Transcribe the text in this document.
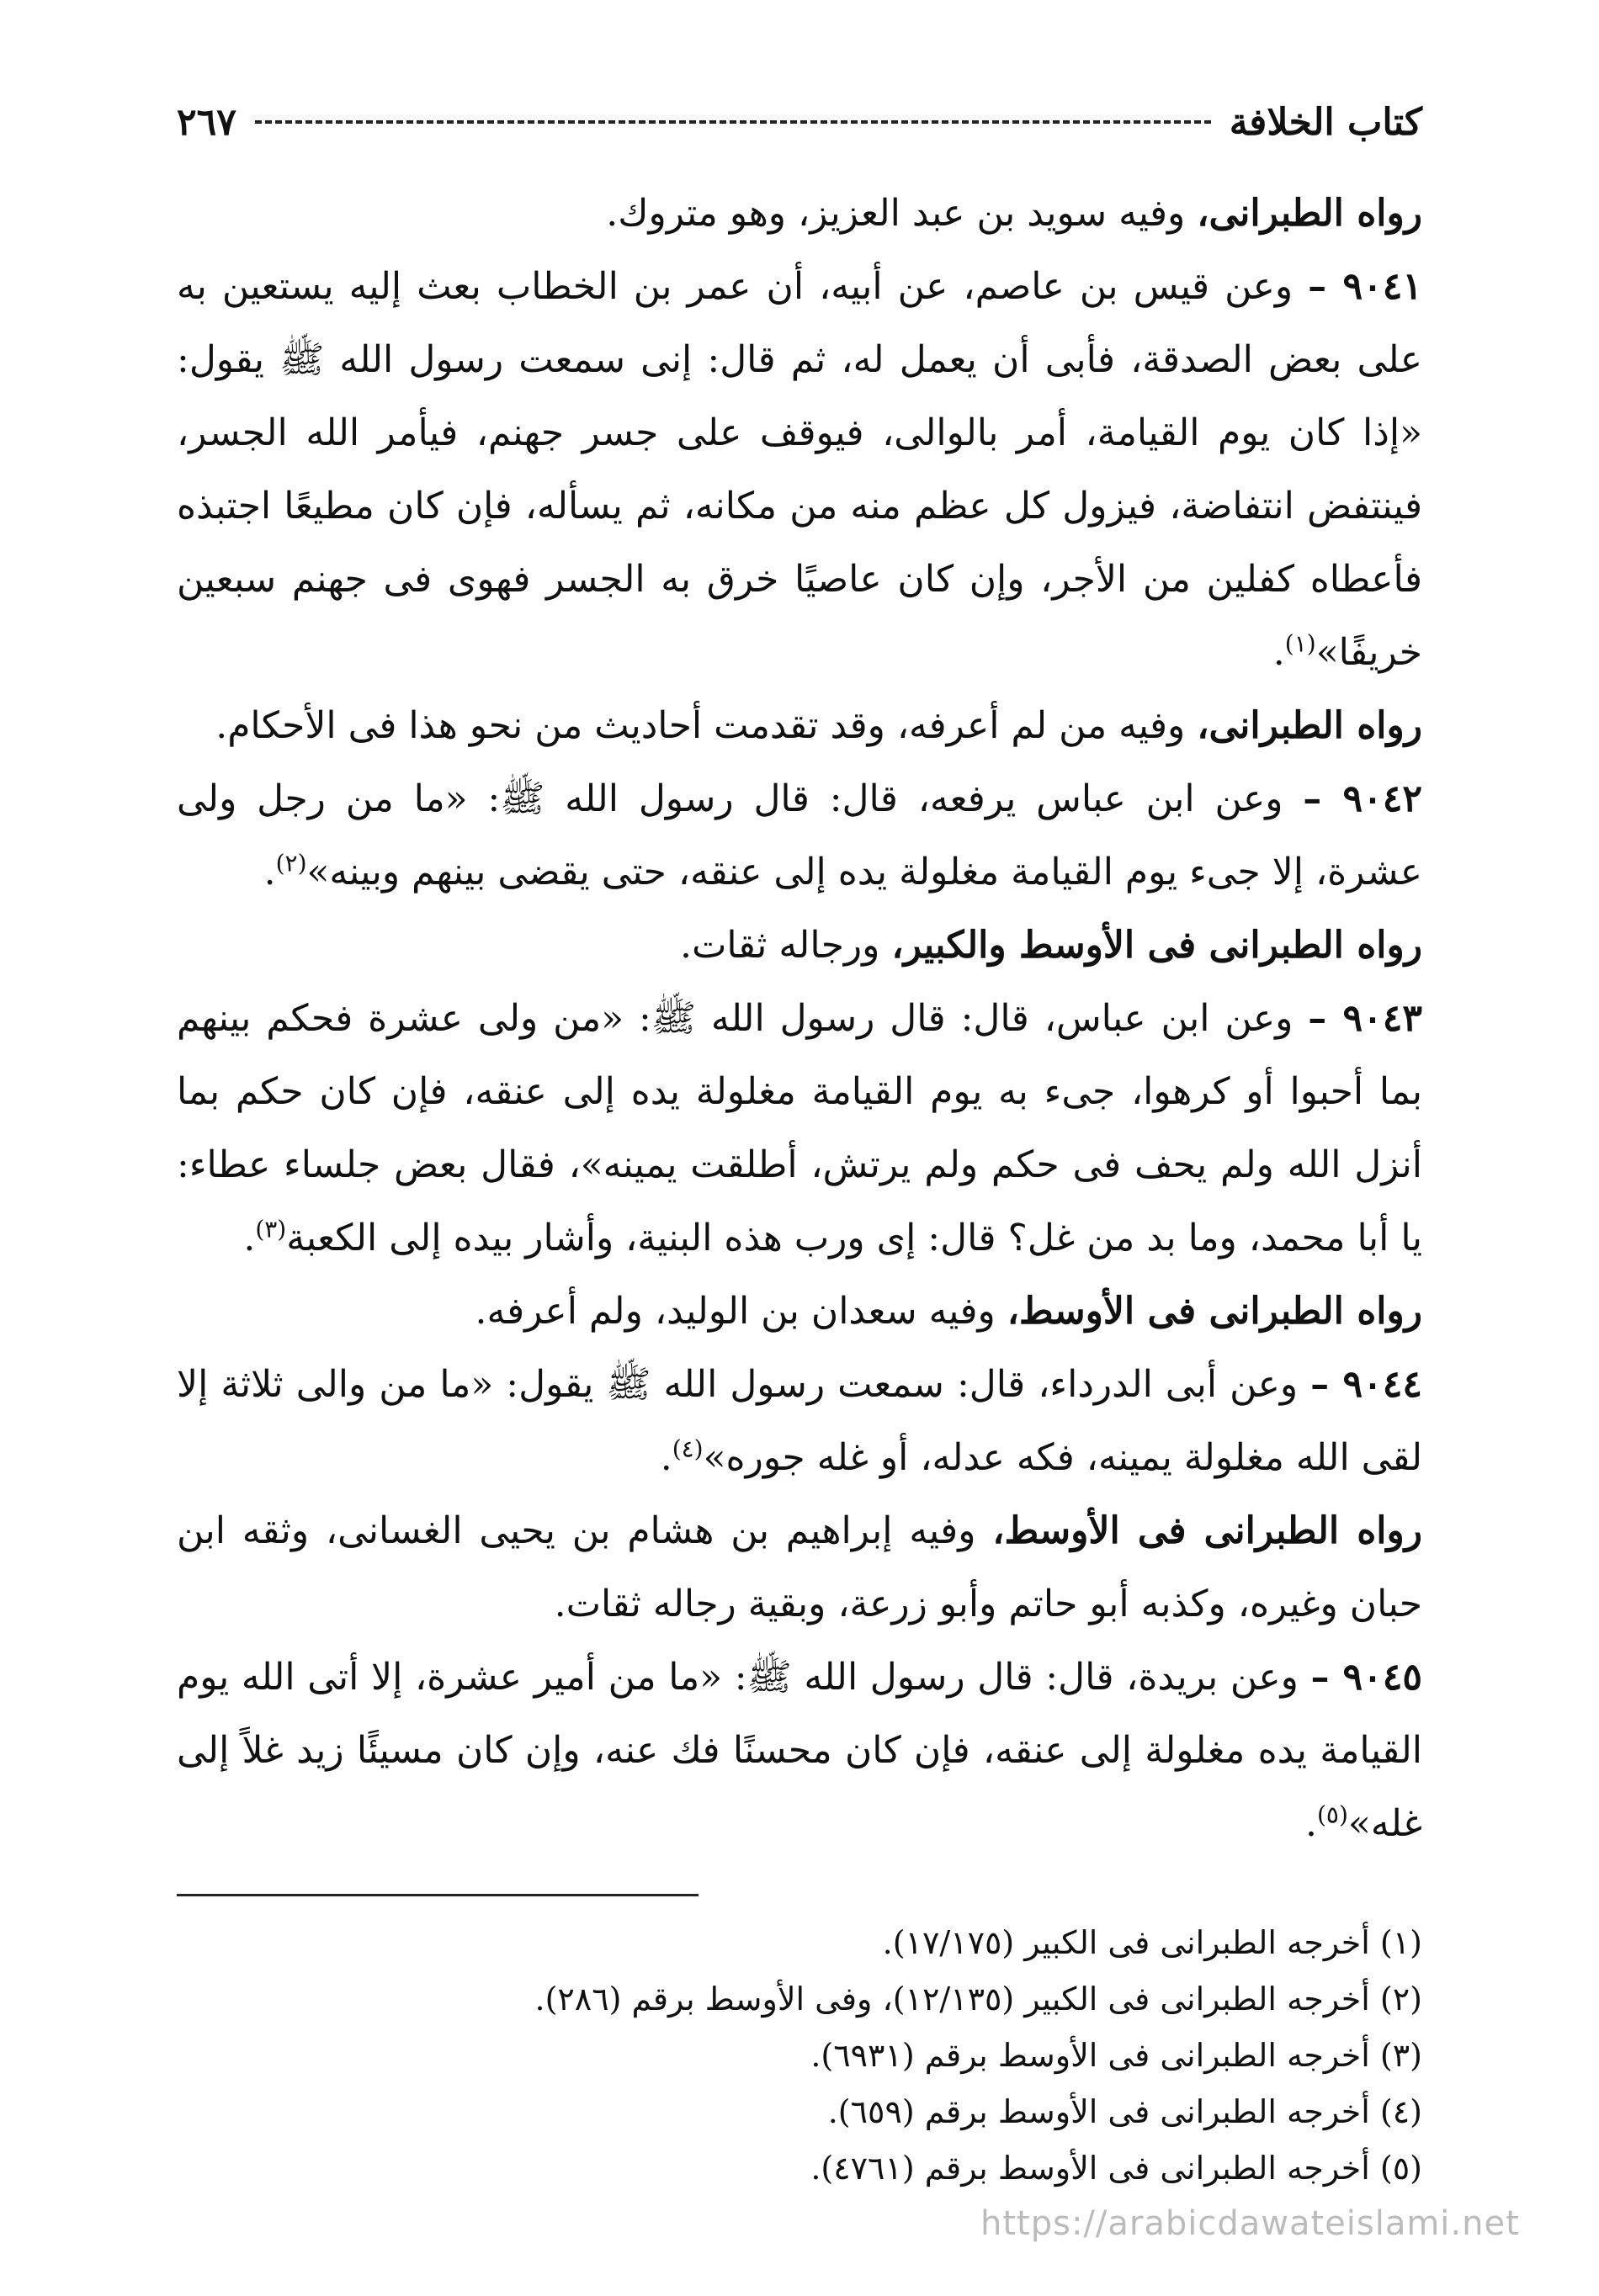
كتاب الخلافة
٢٦٧

رواه الطبرانى، وفيه سويد بن عبد العزيز، وهو متروك.

٩٠٤١ – وعن قيس بن عاصم، عن أبيه، أن عمر بن الخطاب بعث إليه يستعين به على بعض الصدقة، فأبى أن يعمل له، ثم قال: إنى سمعت رسول الله ﷺ يقول: «إذا كان يوم القيامة، أمر بالوالى، فيوقف على جسر جهنم، فيأمر الله الجسر، فينتفض انتفاضة، فيزول كل عظم منه من مكانه، ثم يسأله، فإن كان مطيعًا اجتبذه فأعطاه كفلين من الأجر، وإن كان عاصيًا خرق به الجسر فهوى فى جهنم سبعين خريفًا»$^{(١)}$.

رواه الطبرانى، وفيه من لم أعرفه، وقد تقدمت أحاديث من نحو هذا فى الأحكام.

٩٠٤٢ – وعن ابن عباس يرفعه، قال: قال رسول الله ﷺ: «ما من رجل ولى عشرة، إلا جىء يوم القيامة مغلولة يده إلى عنقه، حتى يقضى بينهم وبينه»$^{(٢)}$.

رواه الطبرانى فى الأوسط والكبير، ورجاله ثقات.

٩٠٤٣ – وعن ابن عباس، قال: قال رسول الله ﷺ: «من ولى عشرة فحكم بينهم بما أحبوا أو كرهوا، جىء به يوم القيامة مغلولة يده إلى عنقه، فإن كان حكم بما أنزل الله ولم يحف فى حكم ولم يرتش، أطلقت يمينه»، فقال بعض جلساء عطاء: يا أبا محمد، وما بد من غل؟ قال: إى ورب هذه البنية، وأشار بيده إلى الكعبة$^{(٣)}$.

رواه الطبرانى فى الأوسط، وفيه سعدان بن الوليد، ولم أعرفه.

٩٠٤٤ – وعن أبى الدرداء، قال: سمعت رسول الله ﷺ يقول: «ما من والى ثلاثة إلا لقى الله مغلولة يمينه، فكه عدله، أو غله جوره»$^{(٤)}$.

رواه الطبرانى فى الأوسط، وفيه إبراهيم بن هشام بن يحيى الغسانى، وثقه ابن حبان وغيره، وكذبه أبو حاتم وأبو زرعة، وبقية رجاله ثقات.

٩٠٤٥ – وعن بريدة، قال: قال رسول الله ﷺ: «ما من أمير عشرة، إلا أتى الله يوم القيامة يده مغلولة إلى عنقه، فإن كان محسنًا فك عنه، وإن كان مسيئًا زيد غلاً إلى غله»$^{(٥)}$.

(١) أخرجه الطبرانى فى الكبير (١٧/١٧٥).

(٢) أخرجه الطبرانى فى الكبير (١٢/١٣٥)، وفى الأوسط برقم (٢٨٦).

(٣) أخرجه الطبرانى فى الأوسط برقم (٦٩٣١).

(٤) أخرجه الطبرانى فى الأوسط برقم (٦٥٩).

(٥) أخرجه الطبرانى فى الأوسط برقم (٤٧٦١).

https://arabicdawateislami.net
